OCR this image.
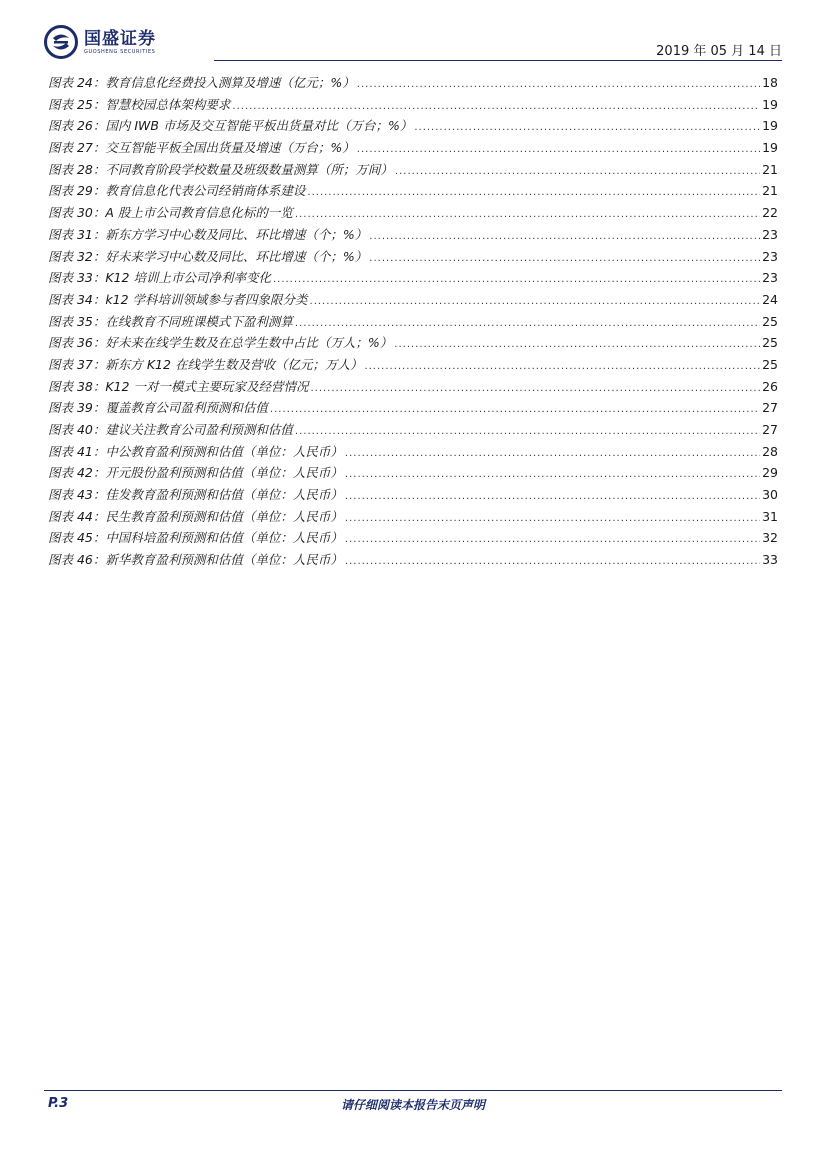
国盛证券
GUOSHENG SECURITIES	2019 年 05 月 14 日
图表 24： 教育信息化经费投入测算及增速（亿元；%） .....	18
图表 25： 智慧校园总体架构要求 .....	19
图表 26： 国内 IWB 市场及交互智能平板出货量对比（万台；%） .....	19
图表 27： 交互智能平板全国出货量及增速（万台；%） .....	19
图表 28： 不同教育阶段学校数量及班级数量测算（所；万间） .....	21
图表 29： 教育信息化代表公司经销商体系建设 .....	21
图表 30： A 股上市公司教育信息化标的一览 .....	22
图表 31： 新东方学习中心数及同比、环比增速（个；%） .....	23
图表 32： 好未来学习中心数及同比、环比增速（个；%） .....	23
图表 33： K12 培训上市公司净利率变化 .....	23
图表 34： k12 学科培训领域参与者四象限分类 .....	24
图表 35： 在线教育不同班课模式下盈利测算 .....	25
图表 36： 好未来在线学生数及在总学生数中占比（万人；%） .....	25
图表 37： 新东方 K12 在线学生数及营收（亿元；万人） .....	25
图表 38： K12 一对一模式主要玩家及经营情况 .....	26
图表 39： 覆盖教育公司盈利预测和估值 .....	27
图表 40： 建议关注教育公司盈利预测和估值 .....	27
图表 41： 中公教育盈利预测和估值（单位：人民币） .....	28
图表 42： 开元股份盈利预测和估值（单位：人民币） .....	29
图表 43： 佳发教育盈利预测和估值（单位：人民币） .....	30
图表 44： 民生教育盈利预测和估值（单位：人民币） .....	31
图表 45： 中国科培盈利预测和估值（单位：人民币） .....	32
图表 46： 新华教育盈利预测和估值（单位：人民币） .....	33
P.3	请仔细阅读本报告末页声明
